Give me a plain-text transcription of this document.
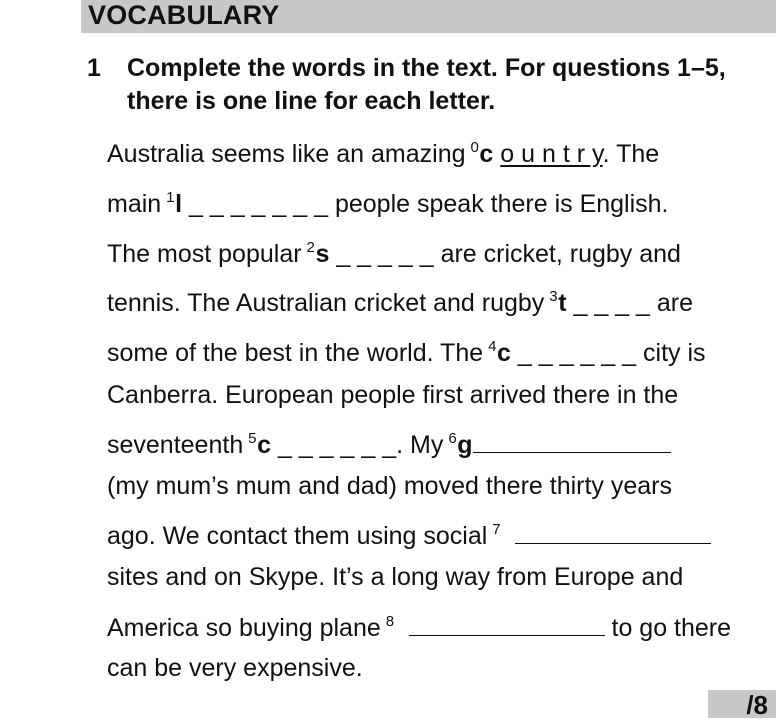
VOCABULARY
1 Complete the words in the text. For questions 1–5, there is one line for each letter.
Australia seems like an amazing
0 c o u n t r y. The
main
1 l _ _ _ _ _ _ _ people speak there is English.
The most popular
2 s _ _ _ _ _ are cricket, rugby and
tennis. The Australian cricket and rugby
3 t _ _ _ _ are
some of the best in the world. The
4 c _ _ _ _ _ _ city is
Canberra. European people first arrived there in the
seventeenth
5 c _ _ _ _ _ _. My
6 g
(my mum’s mum and dad) moved there thirty years
ago. We contact them using social
7

sites and on Skype. It’s a long way from Europe and
America so buying plane
8	to go there
can be very expensive.
/8
